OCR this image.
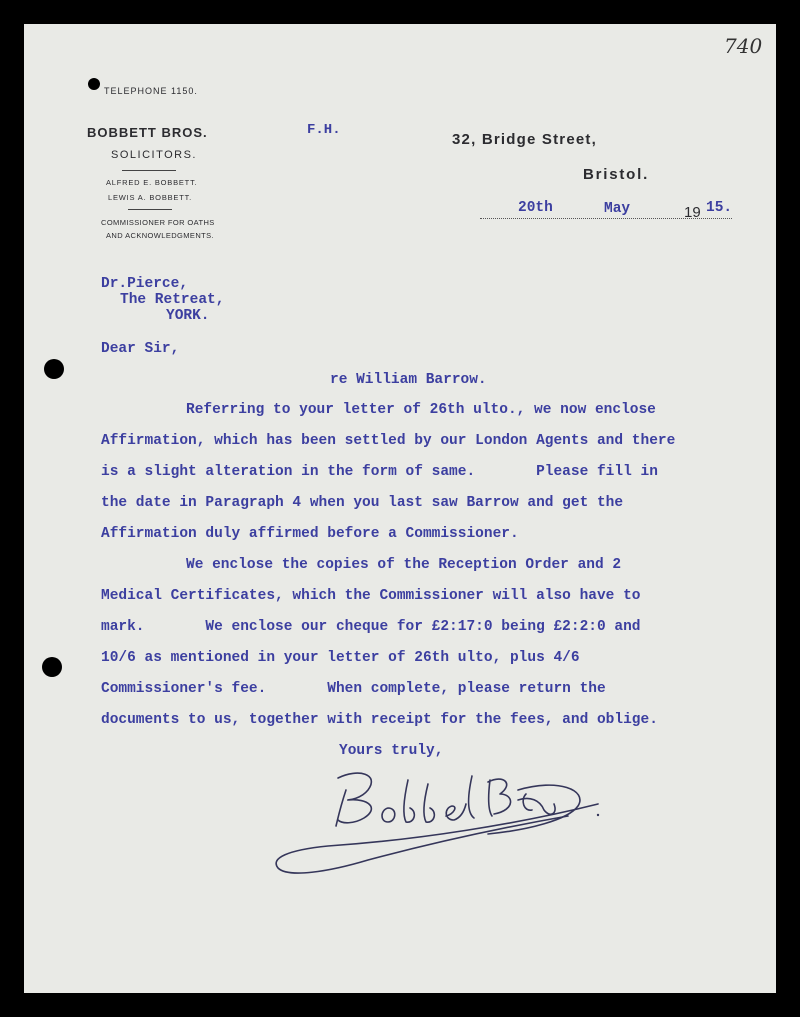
740
TELEPHONE 1150.
BOBBETT BROS.
SOLICITORS.
ALFRED E. BOBBETT.
LEWIS A. BOBBETT.
COMMISSIONER FOR OATHS
AND ACKNOWLEDGMENTS.
F.H.
32, Bridge Street,
Bristol.
20th	May	19 15.
Dr.Pierce,
The Retreat,
YORK.
Dear Sir,
re William Barrow.
Referring to your letter of 26th ulto., we now enclose
Affirmation, which has been settled by our London Agents and there
is a slight alteration in the form of same.       Please fill in
the date in Paragraph 4 when you last saw Barrow and get the
Affirmation duly affirmed before a Commissioner.
We enclose the copies of the Reception Order and 2
Medical Certificates, which the Commissioner will also have to
mark.       We enclose our cheque for £2:17:0 being £2:2:0 and
10/6 as mentioned in your letter of 26th ulto, plus 4/6
Commissioner's fee.       When complete, please return the
documents to us, together with receipt for the fees, and oblige.
Yours truly,
